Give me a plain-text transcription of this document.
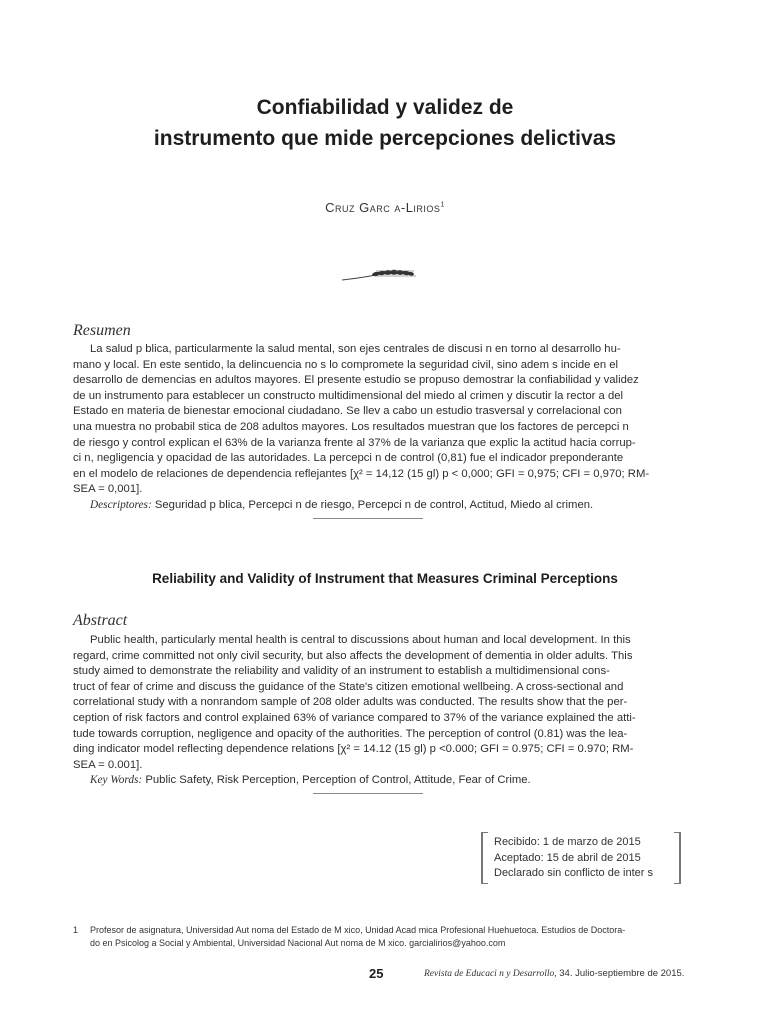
Confiabilidad y validez de
instrumento que mide percepciones delictivas
Cruz Garc a-Lirios$^1$
Resumen
La salud p blica, particularmente la salud mental, son ejes centrales de discusi n en torno al desarrollo hu-
mano y local. En este sentido, la delincuencia no s lo compromete la seguridad civil, sino adem s incide en el
desarrollo de demencias en adultos mayores. El presente estudio se propuso demostrar la confiabilidad y validez
de un instrumento para establecer un constructo multidimensional del miedo al crimen y discutir la rector a del
Estado en materia de bienestar emocional ciudadano. Se llev a cabo un estudio trasversal y correlacional con
una muestra no probabil stica de 208 adultos mayores. Los resultados muestran que los factores de percepci n
de riesgo y control explican el 63% de la varianza frente al 37% de la varianza que explic la actitud hacia corrup-
ci n, negligencia y opacidad de las autoridades. La percepci n de control (0,81) fue el indicador preponderante
en el modelo de relaciones de dependencia reflejantes [χ² = 14,12 (15 gl) p < 0,000; GFI = 0,975; CFI = 0,970; RM-
SEA = 0,001].
Descriptores: Seguridad p blica, Percepci n de riesgo, Percepci n de control, Actitud, Miedo al crimen.
Reliability and Validity of Instrument that Measures Criminal Perceptions
Abstract
Public health, particularly mental health is central to discussions about human and local development. In this
regard, crime committed not only civil security, but also affects the development of dementia in older adults. This
study aimed to demonstrate the reliability and validity of an instrument to establish a multidimensional cons-
truct of fear of crime and discuss the guidance of the State's citizen emotional wellbeing. A cross-sectional and
correlational study with a nonrandom sample of 208 older adults was conducted. The results show that the per-
ception of risk factors and control explained 63% of variance compared to 37% of the variance explained the atti-
tude towards corruption, negligence and opacity of the authorities. The perception of control (0.81) was the lea-
ding indicator model reflecting dependence relations [χ² = 14.12 (15 gl) p <0.000; GFI = 0.975; CFI = 0.970; RM-
SEA = 0.001].
Key Words: Public Safety, Risk Perception, Perception of Control, Attitude, Fear of Crime.
Recibido: 1 de marzo de 2015
Aceptado: 15 de abril de 2015
Declarado sin conflicto de inter s
1 Profesor de asignatura, Universidad Aut noma del Estado de M xico, Unidad Acad mica Profesional Huehuetoca. Estudios de Doctora-
do en Psicolog a Social y Ambiental, Universidad Nacional Aut noma de M xico. garcialirios@yahoo.com
25	Revista de Educaci n y Desarrollo, 34. Julio-septiembre de 2015.
